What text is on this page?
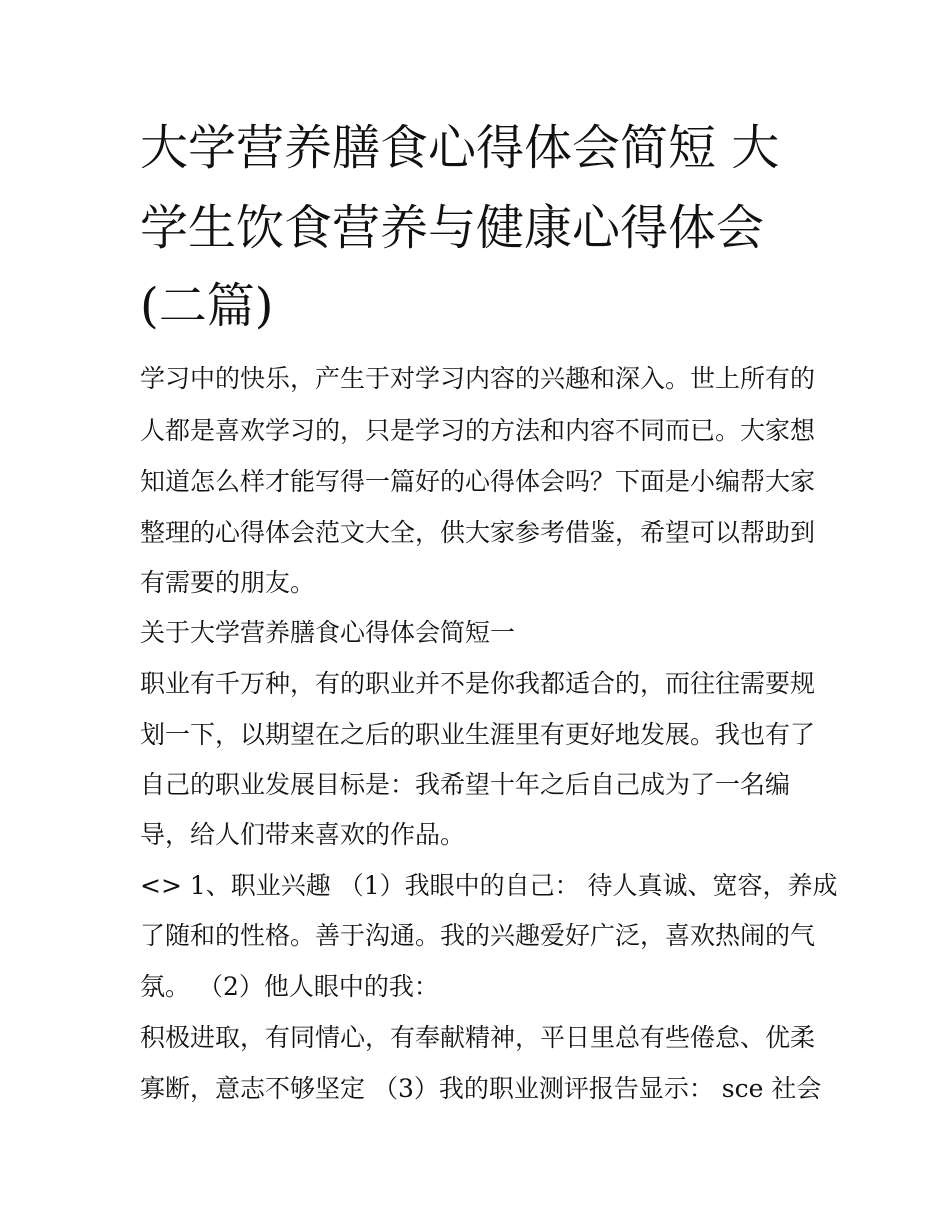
大学营养膳食心得体会简短 大
学生饮食营养与健康心得体会
(二篇)
学习中的快乐，产生于对学习内容的兴趣和深入。世上所有的
人都是喜欢学习的，只是学习的方法和内容不同而已。大家想
知道怎么样才能写得一篇好的心得体会吗？下面是小编帮大家
整理的心得体会范文大全，供大家参考借鉴，希望可以帮助到
有需要的朋友。
关于大学营养膳食心得体会简短一
职业有千万种，有的职业并不是你我都适合的，而往往需要规
划一下，以期望在之后的职业生涯里有更好地发展。我也有了
自己的职业发展目标是：我希望十年之后自己成为了一名编
导，给人们带来喜欢的作品。
<> 1、职业兴趣 （1）我眼中的自己： 待人真诚、宽容，养成
了随和的性格。善于沟通。我的兴趣爱好广泛，喜欢热闹的气
氛。 （2）他人眼中的我：
积极进取，有同情心，有奉献精神，平日里总有些倦怠、优柔
寡断，意志不够坚定 （3）我的职业测评报告显示： sce 社会
